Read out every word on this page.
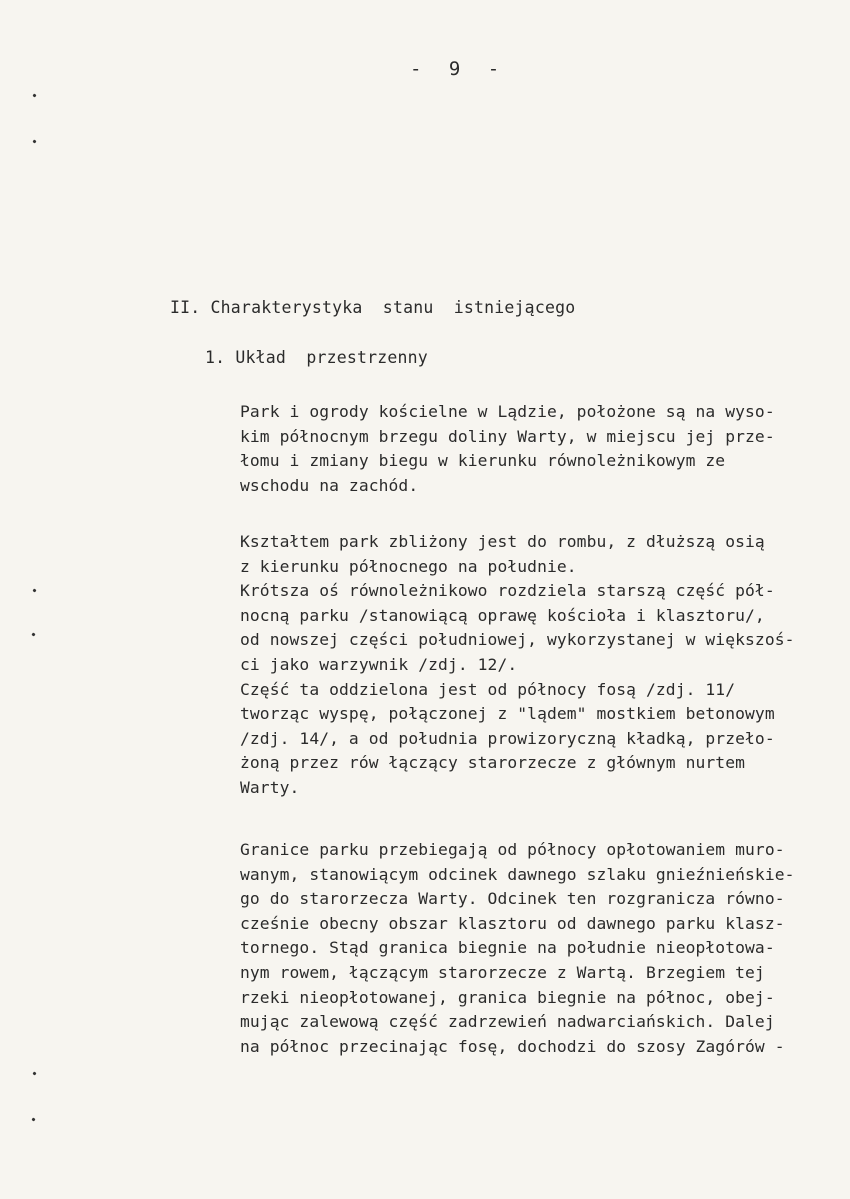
- 9 -
II. Charakterystyka  stanu  istniejącego
1. Układ  przestrzenny
Park i ogrody kościelne w Lądzie, położone są na wyso-
kim północnym brzegu doliny Warty, w miejscu jej prze-
łomu i zmiany biegu w kierunku równoleżnikowym ze
wschodu na zachód.
Kształtem park zbliżony jest do rombu, z dłuższą osią
z kierunku północnego na południe.
Krótsza oś równoleżnikowo rozdziela starszą część pół-
nocną parku /stanowiącą oprawę kościoła i klasztoru/,
od nowszej części południowej, wykorzystanej w większoś-
ci jako warzywnik /zdj. 12/.
Część ta oddzielona jest od północy fosą /zdj. 11/
tworząc wyspę, połączonej z "lądem" mostkiem betonowym
/zdj. 14/, a od południa prowizoryczną kładką, przeło-
żoną przez rów łączący starorzecze z głównym nurtem
Warty.
Granice parku przebiegają od północy opłotowaniem muro-
wanym, stanowiącym odcinek dawnego szlaku gnieźnieńskie-
go do starorzecza Warty. Odcinek ten rozgranicza równo-
cześnie obecny obszar klasztoru od dawnego parku klasz-
tornego. Stąd granica biegnie na południe nieopłotowa-
nym rowem, łączącym starorzecze z Wartą. Brzegiem tej
rzeki nieopłotowanej, granica biegnie na północ, obej-
mując zalewową część zadrzewień nadwarciańskich. Dalej
na północ przecinając fosę, dochodzi do szosy Zagórów -
